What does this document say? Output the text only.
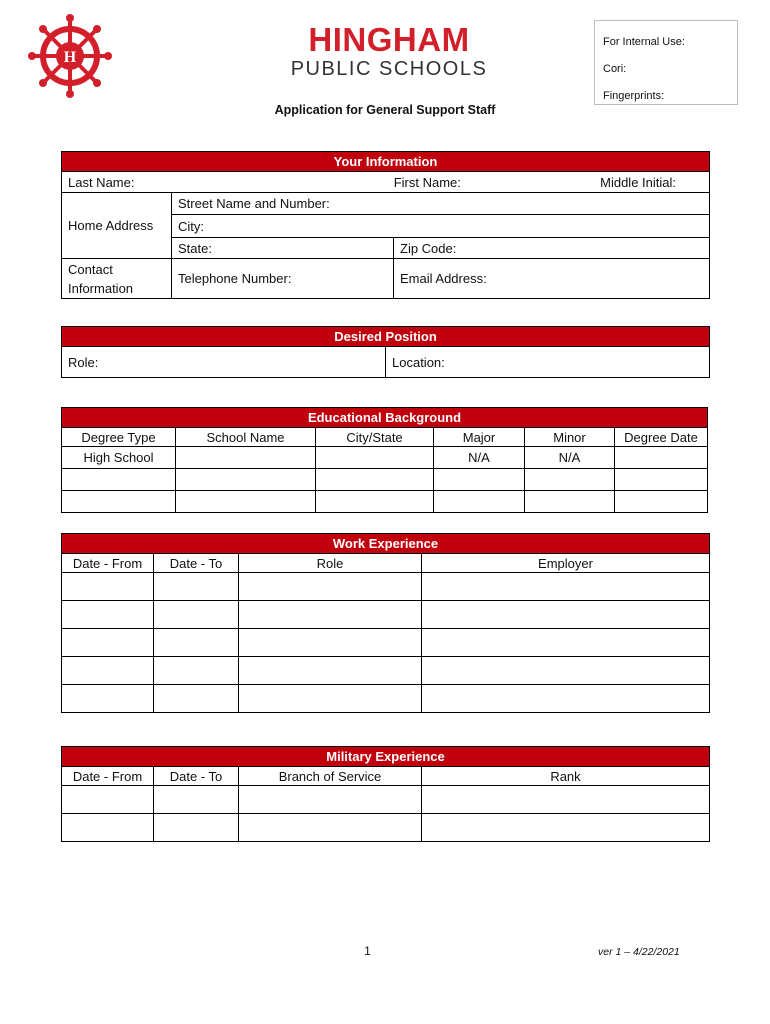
H	HINGHAM
PUBLIC SCHOOLS
For Internal Use:
Cori:
Fingerprints:
Application for General Support Staff
Your Information		

Last Name: First Name: Middle Initial:		

Home Address	Street Name and Number:	
	City:	
	State:	Zip Code:

Contact
Information	Telephone Number:	Email Address:
Desired Position
Role:	Location:
Educational Background					
Degree Type	School Name	City/State	Major	Minor	Degree Date
High School			N/A	N/A	

Work Experience			
Date - From	Date - To	Role	Employer

Military Experience			
Date - From	Date - To	Branch of Service	Rank

1	ver 1 – 4/22/2021
